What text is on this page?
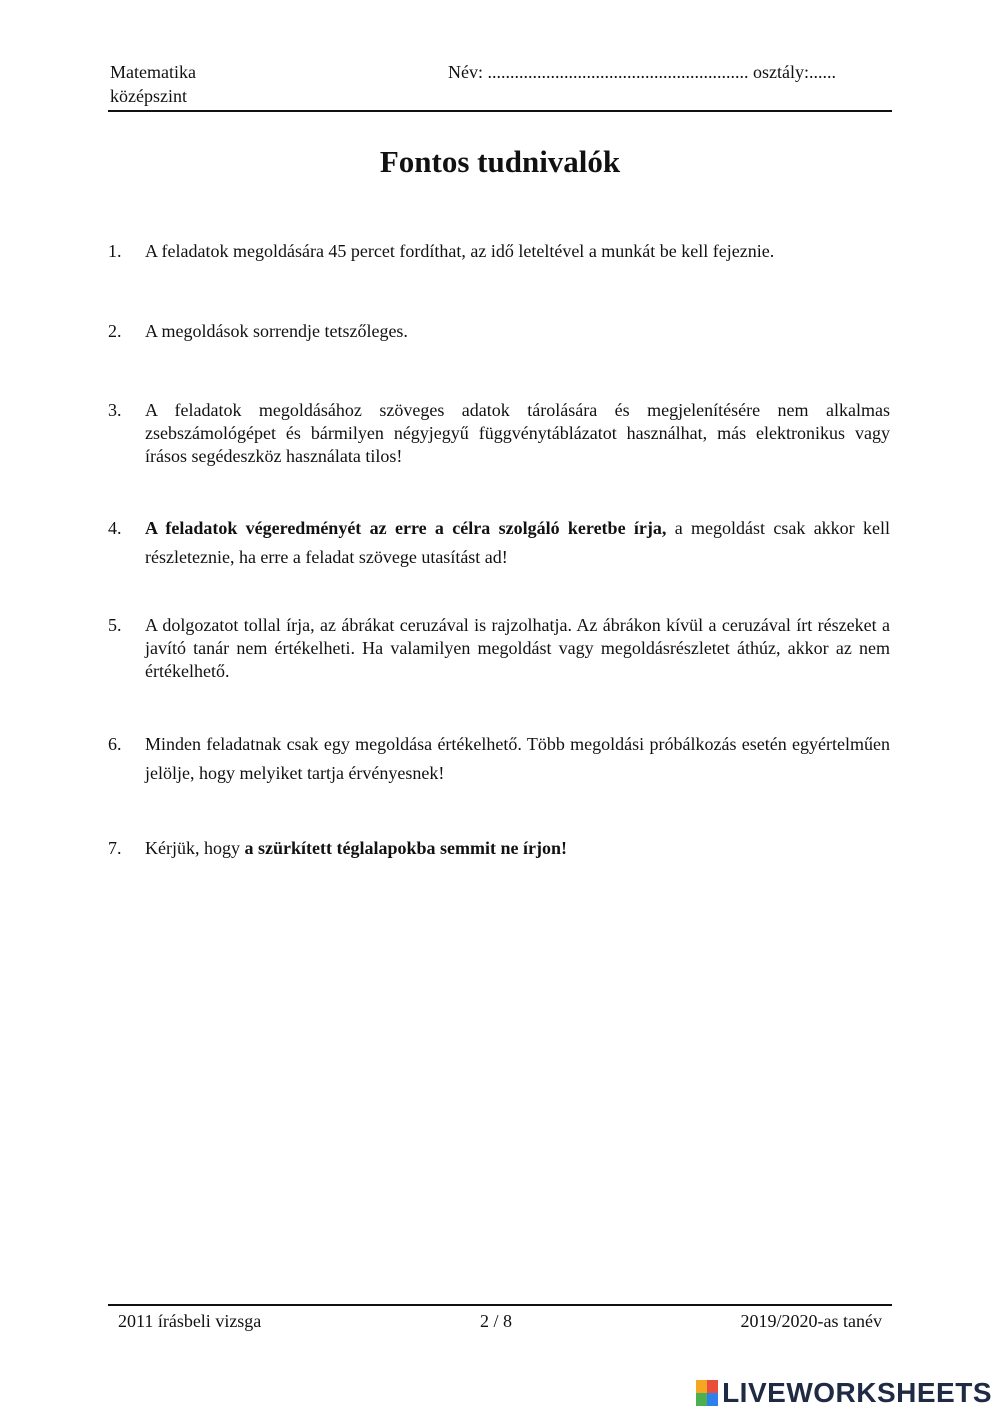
Matematika
középszint
Név: .......................................................... osztály:......
Fontos tudnivalók
1.	A feladatok megoldására 45 percet fordíthat, az idő leteltével a munkát be kell fejeznie.
2.	A megoldások sorrendje tetszőleges.
3.	A feladatok megoldásához szöveges adatok tárolására és megjelenítésére nem alkalmas zsebszámológépet és bármilyen négyjegyű függvénytáblázatot használhat, más elektronikus vagy írásos segédeszköz használata tilos!
4.	A feladatok végeredményét az erre a célra szolgáló keretbe írja, a megoldást csak akkor kell részleteznie, ha erre a feladat szövege utasítást ad!
5.	A dolgozatot tollal írja, az ábrákat ceruzával is rajzolhatja. Az ábrákon kívül a ceruzával írt részeket a javító tanár nem értékelheti. Ha valamilyen megoldást vagy megoldásrészletet áthúz, akkor az nem értékelhető.
6.	Minden feladatnak csak egy megoldása értékelhető. Több megoldási próbálkozás esetén egyértelműen jelölje, hogy melyiket tartja érvényesnek!
7.	Kérjük, hogy a szürkített téglalapokba semmit ne írjon!
2011 írásbeli vizsga	2 / 8	2019/2020-as tanév
LIVEWORKSHEETS
